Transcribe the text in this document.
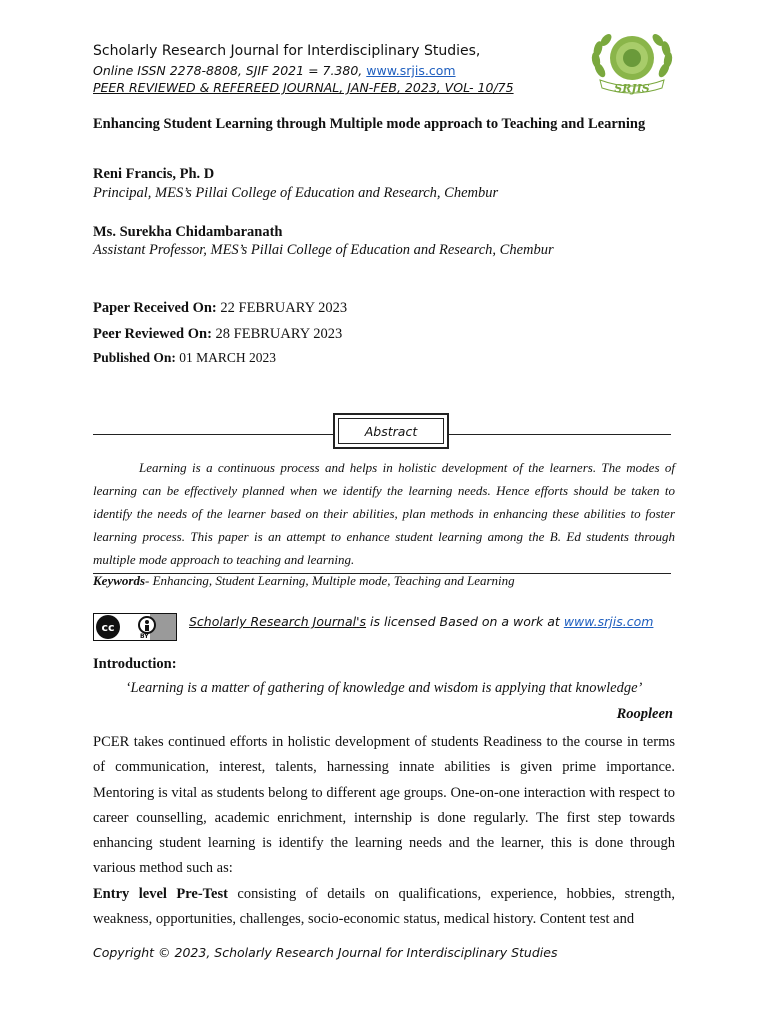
Scholarly Research Journal for Interdisciplinary Studies,
Online ISSN 2278-8808, SJIF 2021 = 7.380, www.srjis.com
PEER REVIEWED & REFEREED JOURNAL, JAN-FEB, 2023, VOL- 10/75	SRJIS
Enhancing Student Learning through Multiple mode approach to Teaching and Learning
Reni Francis, Ph. D
Principal, MES’s Pillai College of Education and Research, Chembur
Ms. Surekha Chidambaranath
Assistant Professor, MES’s Pillai College of Education and Research, Chembur
Paper Received On: 22 FEBRUARY 2023
Peer Reviewed On: 28 FEBRUARY 2023
Published On: 01 MARCH 2023
Abstract
Learning is a continuous process and helps in holistic development of the learners. The modes of learning can be effectively planned when we identify the learning needs. Hence efforts should be taken to identify the needs of the learner based on their abilities, plan methods in enhancing these abilities to foster learning process. This paper is an attempt to enhance student learning among the B. Ed students through multiple mode approach to teaching and learning.
Keywords- Enhancing, Student Learning, Multiple mode, Teaching and Learning
cc
BY
Scholarly Research Journal's is licensed Based on a work at www.srjis.com
Introduction:
‘Learning is a matter of gathering of knowledge and wisdom is applying that knowledge’
Roopleen
PCER takes continued efforts in holistic development of students Readiness to the course in terms of communication, interest, talents, harnessing innate abilities is given prime importance. Mentoring is vital as students belong to different age groups. One-on-one interaction with respect to career counselling, academic enrichment, internship is done regularly. The first step towards enhancing student learning is identify the learning needs and the learner, this is done through various method such as:
Entry level Pre-Test consisting of details on qualifications, experience, hobbies, strength, weakness, opportunities, challenges, socio-economic status, medical history. Content test and
Copyright © 2023, Scholarly Research Journal for Interdisciplinary Studies
